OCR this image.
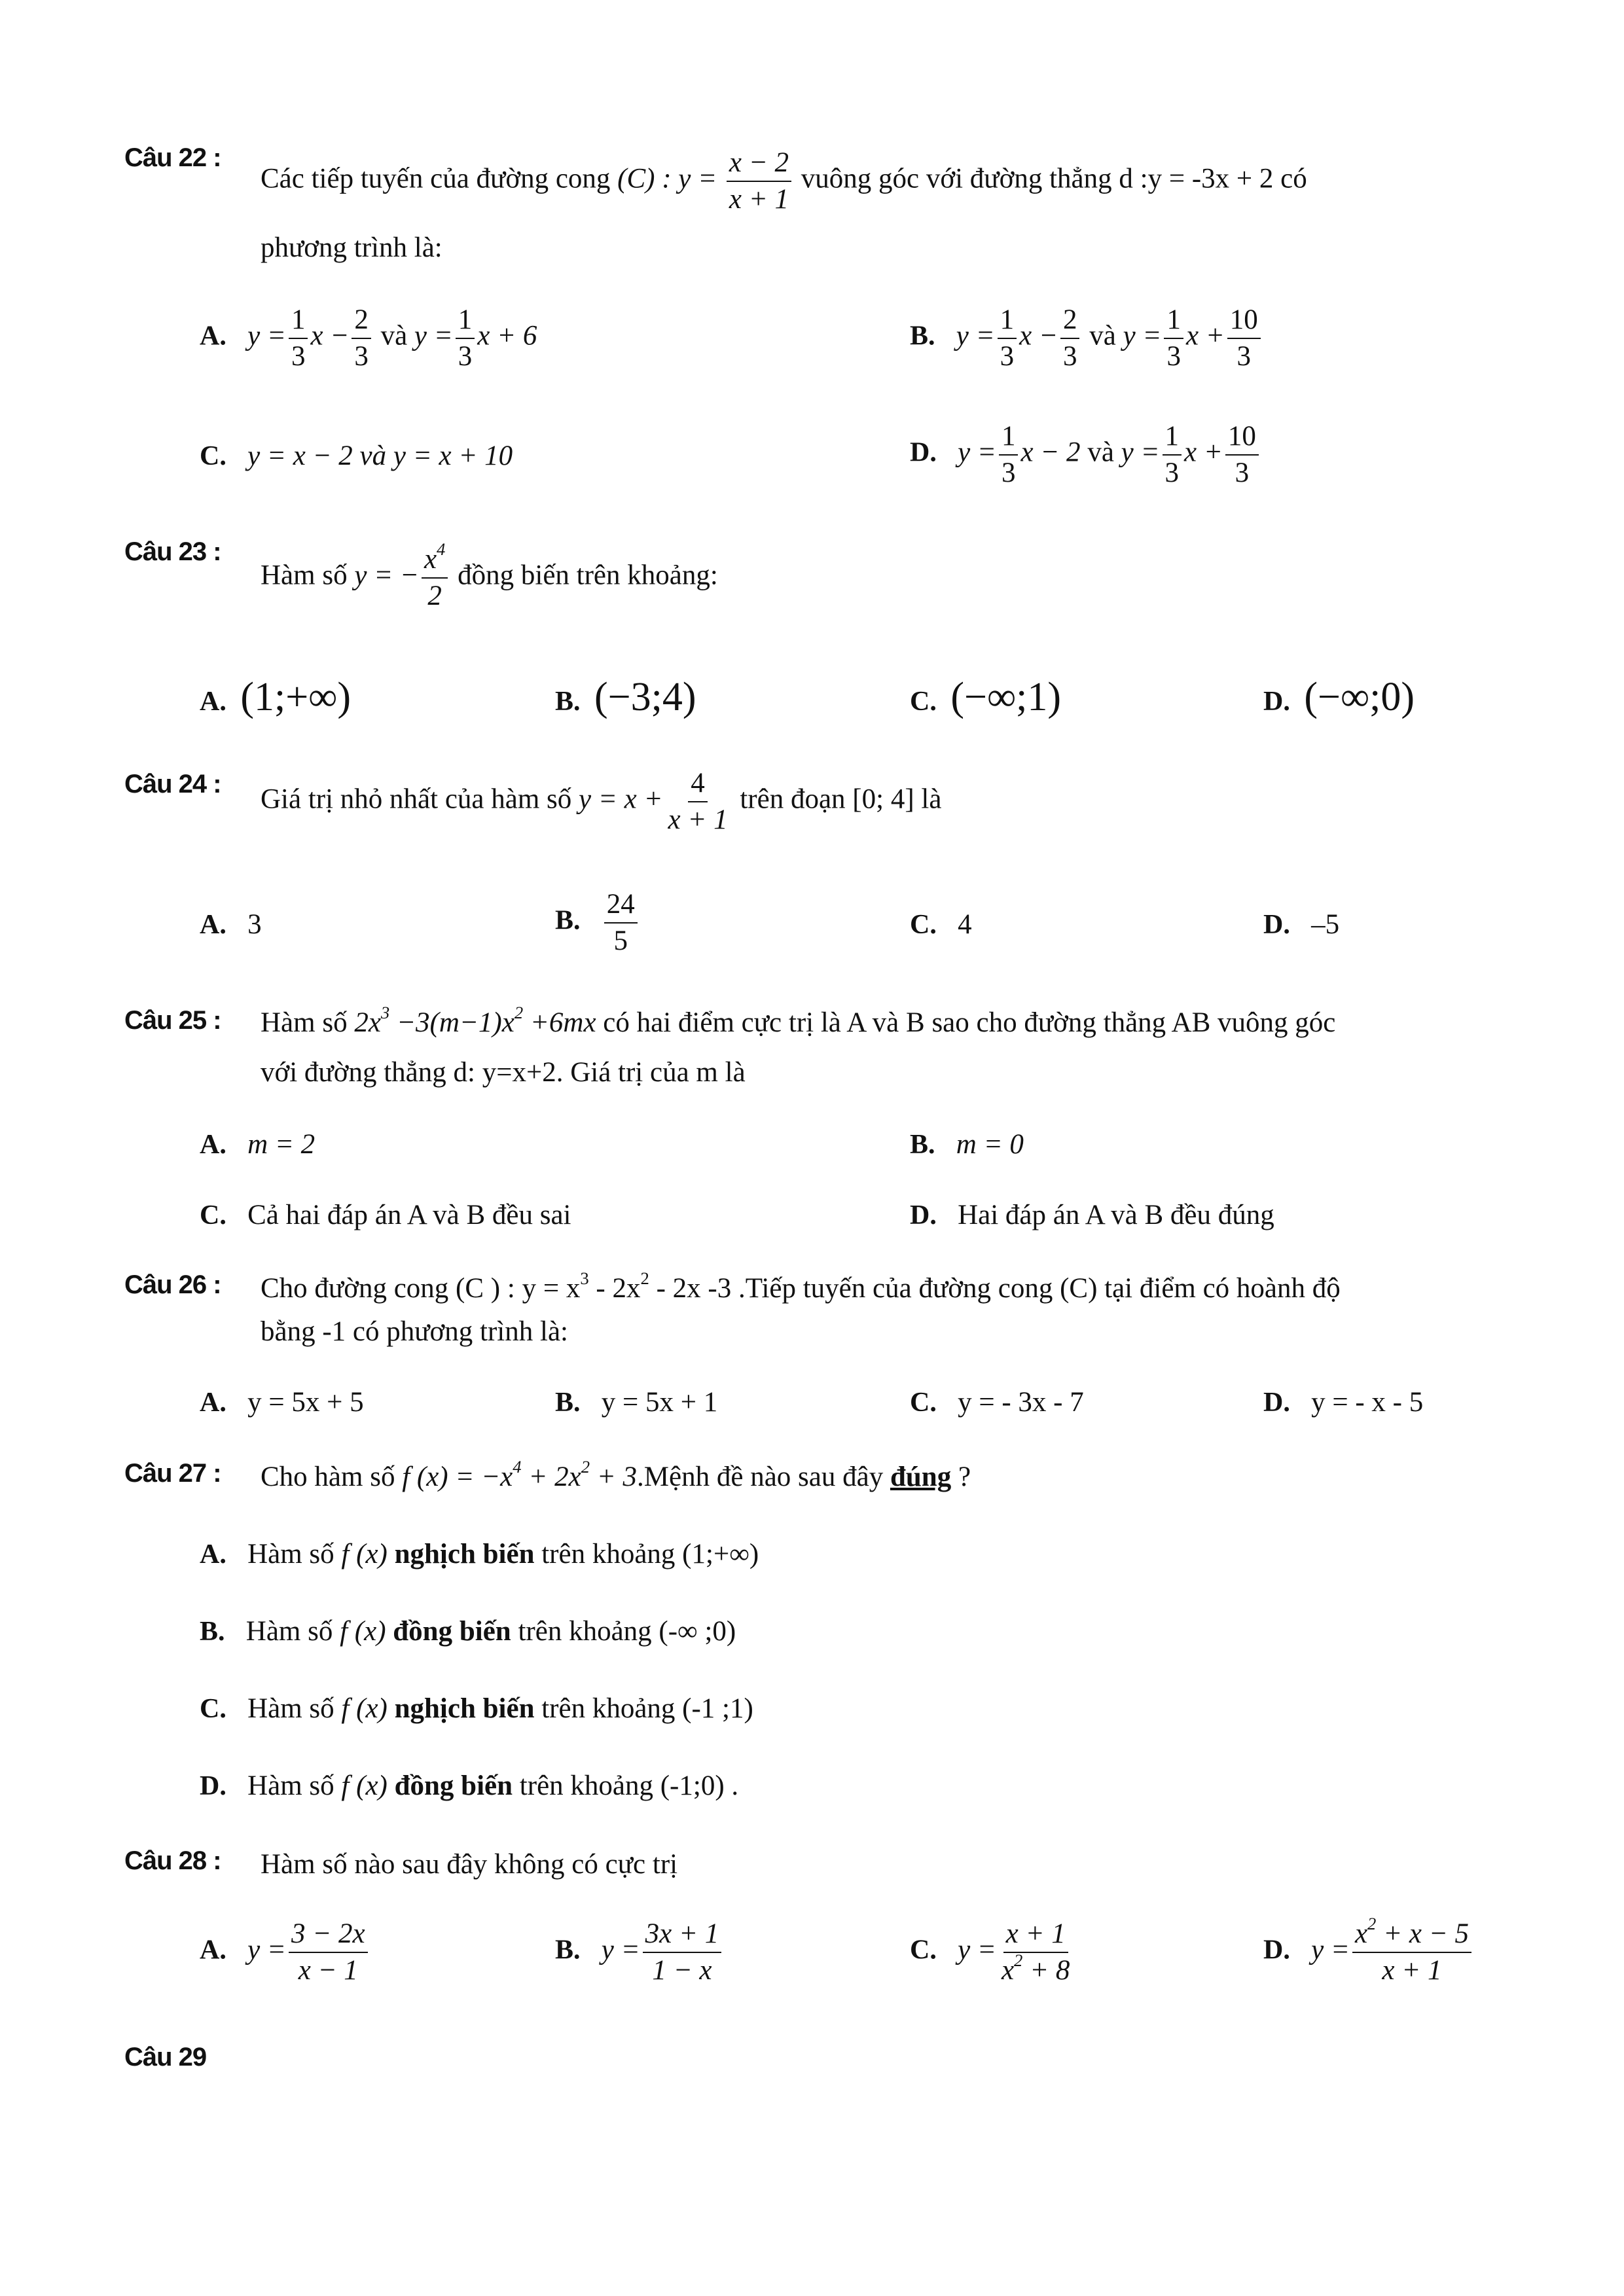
Câu 22 :
Các tiếp tuyến của đường cong (C) : $y = \frac{x - 2}{x + 1}$ vuông góc với đường thẳng d :y = -3x + 2 có
phương trình là:
A. $y = \frac{1}{3}$ $x - \frac{2}{3}$ và $y = \frac{1}{3}$ x + 6	B. $y = \frac{1}{3}$ $x - \frac{2}{3}$ và $y = \frac{1}{3}$ $x + \frac{10}{3}$
C. y = x − 2 và y = x + 10	D. $y = \frac{1}{3}$ x − 2 và $y = \frac{1}{3}$ $x + \frac{10}{3}$
Câu 23 :
Hàm số y = − $\frac{x^4}{2}$ đồng biến trên khoảng:
A. (1;+∞)	B. (−3;4)	C. (−∞;1)	D. (−∞;0)
Câu 24 : Giá trị nhỏ nhất của hàm số $y = x + \frac{4}{x + 1}$ trên đoạn [0; 4] là
A. 3	B. $\frac{24}{5}$	C. 4	D. –5
Câu 25 : Hàm số $2x^3 -3(m-1)x^2 +6mx$ có hai điểm cực trị là A và B sao cho đường thẳng AB vuông góc
với đường thẳng d: y=x+2. Giá trị của m là
A. m = 2	B. m = 0
C. Cả hai đáp án A và B đều sai	D. Hai đáp án A và B đều đúng
Câu 26 : Cho đường cong (C ) : $y = x^3 - 2x^2 - 2x$ -3 .Tiếp tuyến của đường cong (C) tại điểm có hoành độ
bằng -1 có phương trình là:
A. y = 5x + 5	B. y = 5x + 1	C. y = - 3x - 7	D. y = - x - 5
Câu 27 : Cho hàm số f $(x) = -x^4 + 2x^2$ + 3.Mệnh đề nào sau đây đúng ?
A. Hàm số f (x) nghịch biến trên khoảng (1;+∞)
B. Hàm số f (x) đồng biến trên khoảng (-∞ ;0)
C. Hàm số f (x) nghịch biến trên khoảng (-1 ;1)
D. Hàm số f (x) đồng biến trên khoảng (-1;0) .
Câu 28 : Hàm số nào sau đây không có cực trị
A. $y = \frac{3 - 2x}{x - 1}$	B. $y = \frac{3x + 1}{1 - x}$	C. $y = \frac{x + 1}{x^2 + 8}$	D. $y = \frac{x^2 + x - 5}{x + 1}$
Câu 29
